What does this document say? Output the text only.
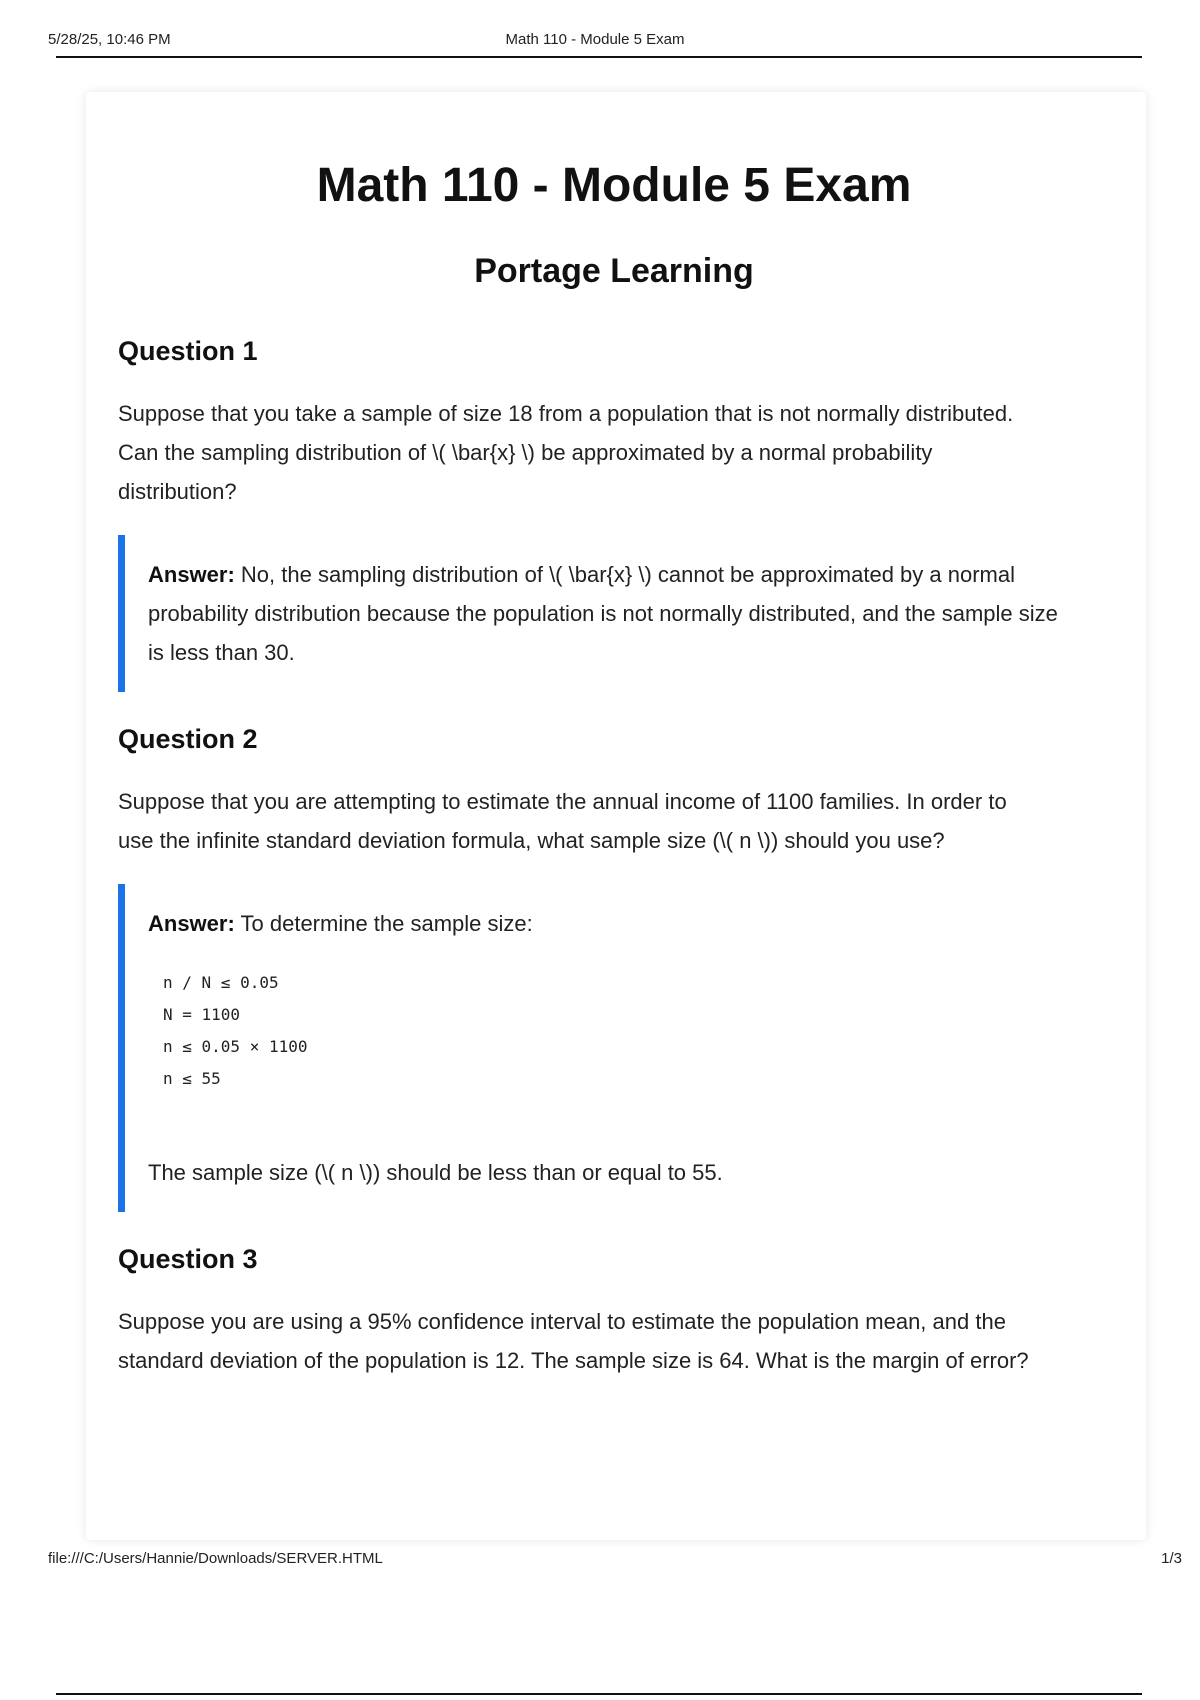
5/28/25, 10:46 PM	Math 110 - Module 5 Exam
Math 110 - Module 5 Exam
Portage Learning
Question 1

Suppose that you take a sample of size 18 from a population that is not normally distributed. Can the sampling distribution of \( \bar{x} \) be approximated by a normal probability distribution?

Answer: No, the sampling distribution of \( \bar{x} \) cannot be approximated by a normal probability distribution because the population is not normally distributed, and the sample size is less than 30.
Question 2

Suppose that you are attempting to estimate the annual income of 1100 families. In order to use the infinite standard deviation formula, what sample size (\( n \)) should you use?

Answer: To determine the sample size:
n / N ≤ 0.05
N = 1100
n ≤ 0.05 × 1100
n ≤ 55
The sample size (\( n \)) should be less than or equal to 55.
Question 3

Suppose you are using a 95% confidence interval to estimate the population mean, and the standard deviation of the population is 12. The sample size is 64. What is the margin of error?

file:///C:/Users/Hannie/Downloads/SERVER.HTML	1/3
